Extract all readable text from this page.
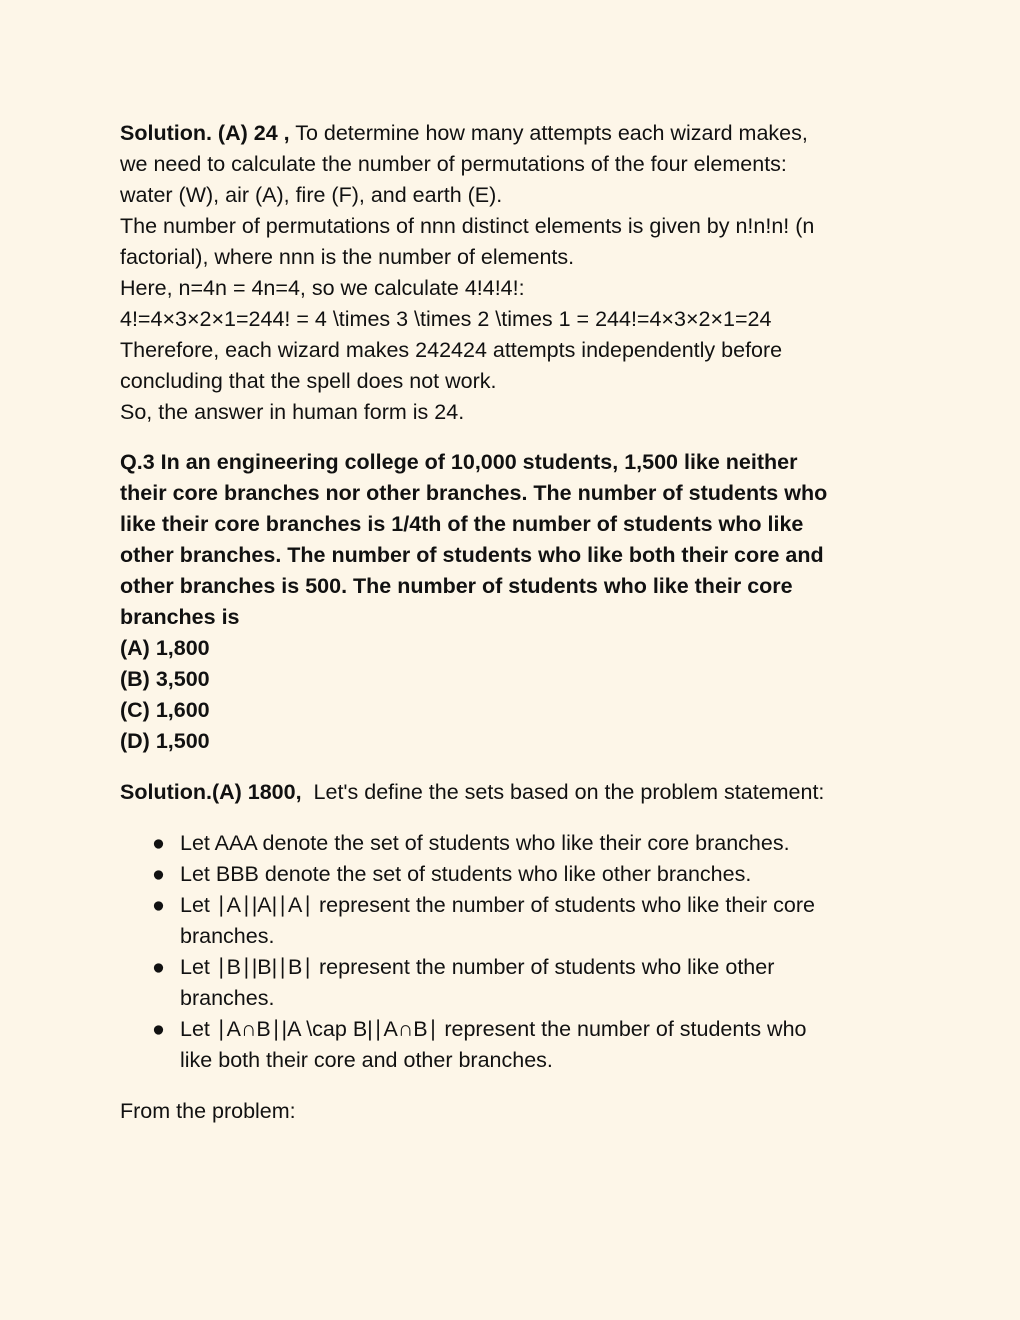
Solution. (A) 24 , To determine how many attempts each wizard makes,

we need to calculate the number of permutations of the four elements:

water (W), air (A), fire (F), and earth (E).

The number of permutations of nnn distinct elements is given by n!n!n! (n

factorial), where nnn is the number of elements.

Here, n=4n = 4n=4, so we calculate 4!4!4!:

4!=4×3×2×1=244! = 4 \times 3 \times 2 \times 1 = 244!=4×3×2×1=24

Therefore, each wizard makes 242424 attempts independently before

concluding that the spell does not work.

So, the answer in human form is 24.

Q.3 In an engineering college of 10,000 students, 1,500 like neither

their core branches nor other branches. The number of students who

like their core branches is 1/4th of the number of students who like

other branches. The number of students who like both their core and

other branches is 500. The number of students who like their core

branches is

(A) 1,800

(B) 3,500

(C) 1,600

(D) 1,500

Solution.(A) 1800,  Let's define the sets based on the problem statement:

● Let AAA denote the set of students who like their core branches.
● Let BBB denote the set of students who like other branches.
● Let ∣A∣|A|∣A∣ represent the number of students who like their core
branches.
● Let ∣B∣|B|∣B∣ represent the number of students who like other
branches.
● Let ∣A∩B∣|A \cap B|∣A∩B∣ represent the number of students who
like both their core and other branches.

From the problem:
